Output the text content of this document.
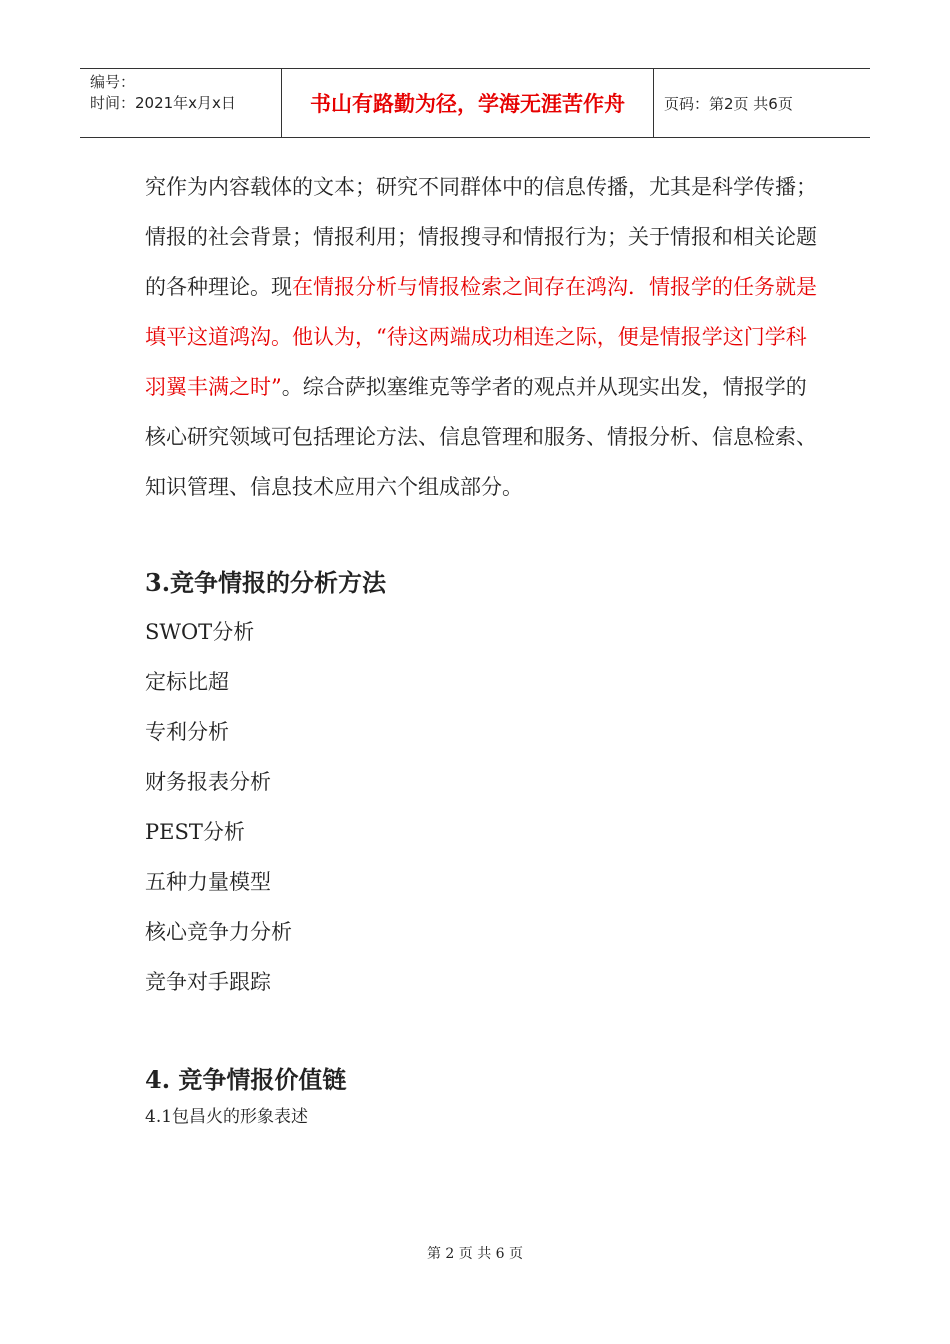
编号：
时间：2021年x月x日	书山有路勤为径，学海无涯苦作舟	页码：第2页 共6页

究作为内容载体的文本；研究不同群体中的信息传播，尤其是科学传播；情报的社会背景；情报利用；情报搜寻和情报行为；关于情报和相关论题的各种理论。现在情报分析与情报检索之间存在鸿沟．情报学的任务就是填平这道鸿沟。他认为，“待这两端成功相连之际，便是情报学这门学科羽翼丰满之时”。综合萨拟塞维克等学者的观点并从现实出发，情报学的核心研究领域可包括理论方法、信息管理和服务、情报分析、信息检索、知识管理、信息技术应用六个组成部分。

3.竞争情报的分析方法
SWOT分析
定标比超
专利分析
财务报表分析
PEST分析
五种力量模型
核心竞争力分析
竞争对手跟踪
4. 竞争情报价值链

4.1包昌火的形象表述

第 2 页 共 6 页
